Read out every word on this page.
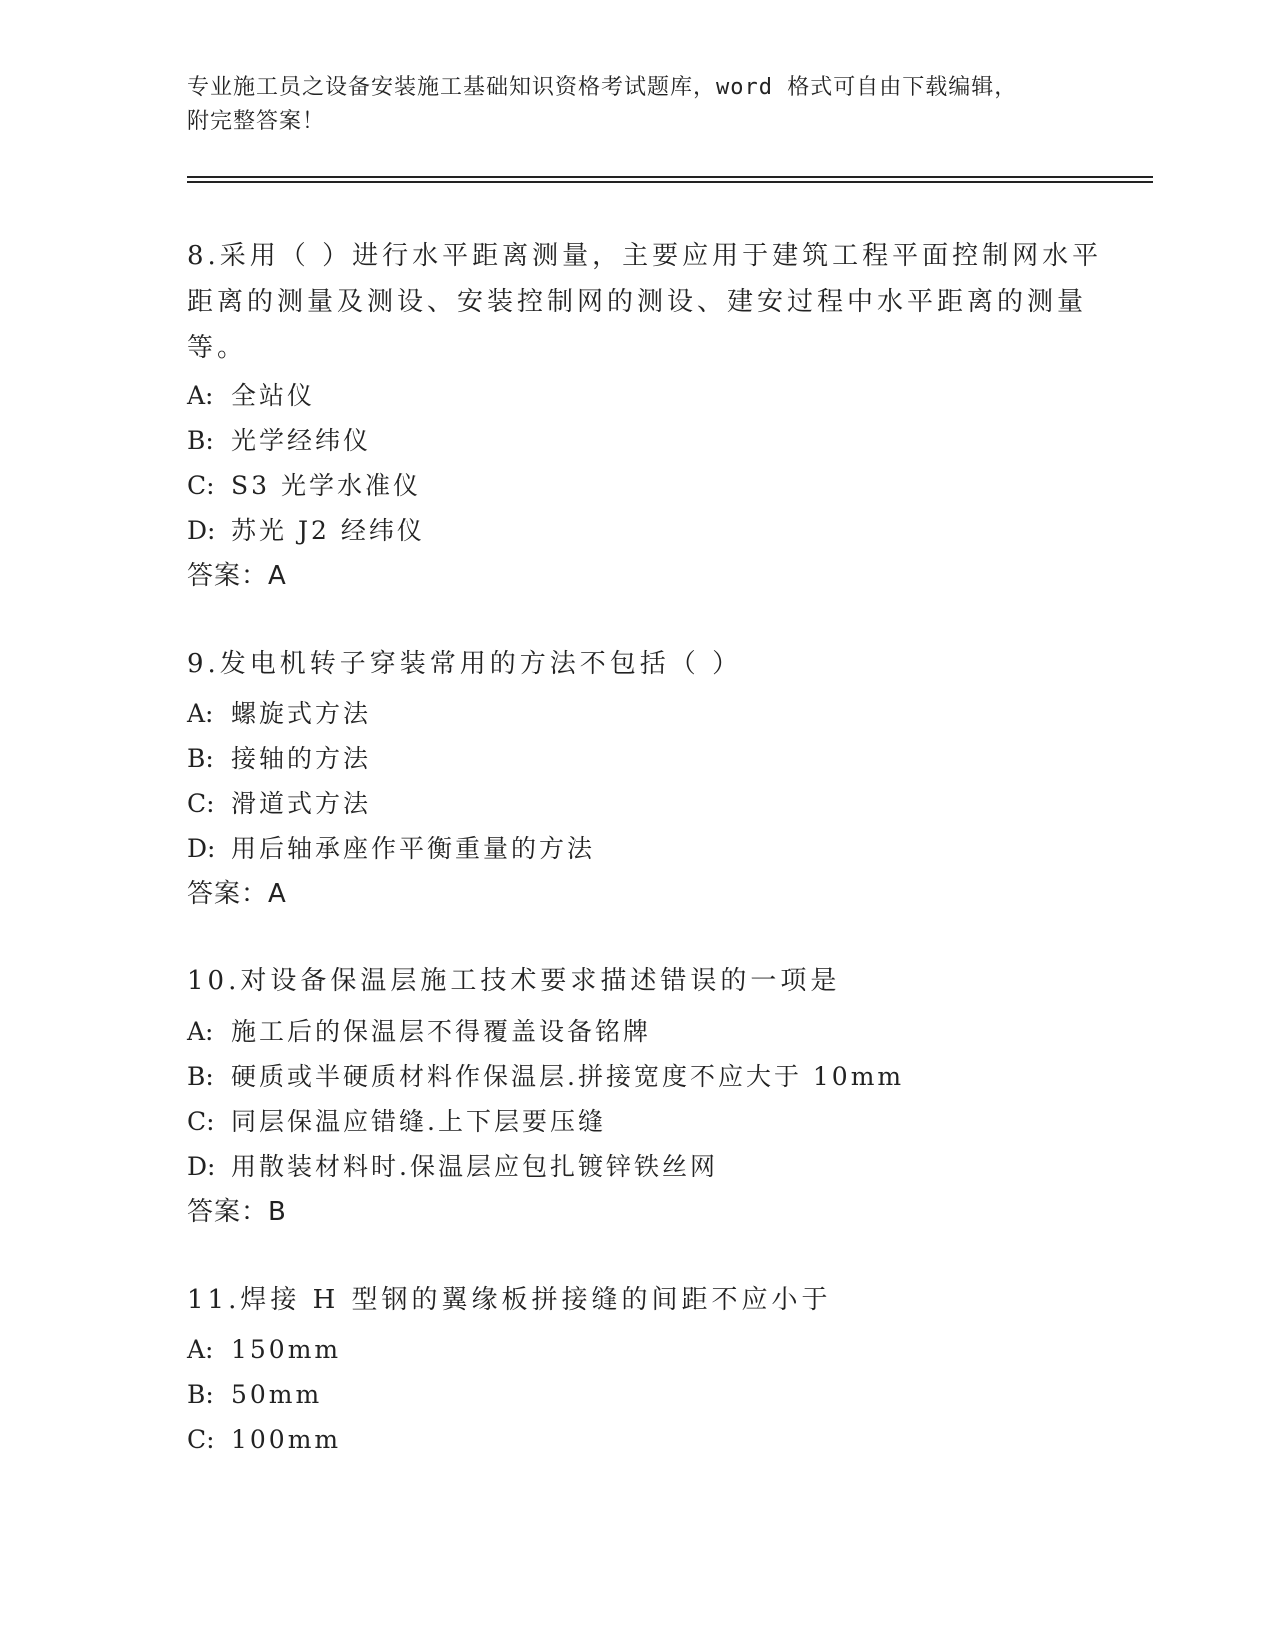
专业施工员之设备安装施工基础知识资格考试题库，word 格式可自由下载编辑，
附完整答案！
8.采用（ ）进行水平距离测量，主要应用于建筑工程平面控制网水平
距离的测量及测设、安装控制网的测设、建安过程中水平距离的测量
等。
A: 全站仪
B: 光学经纬仪
C: S3 光学水准仪
D: 苏光 J2 经纬仪
答案：A
9.发电机转子穿装常用的方法不包括（ ）
A: 螺旋式方法
B: 接轴的方法
C: 滑道式方法
D: 用后轴承座作平衡重量的方法
答案：A
10.对设备保温层施工技术要求描述错误的一项是
A: 施工后的保温层不得覆盖设备铭牌
B: 硬质或半硬质材料作保温层.拼接宽度不应大于 10mm
C: 同层保温应错缝.上下层要压缝
D: 用散装材料时.保温层应包扎镀锌铁丝网
答案：B
11.焊接 H 型钢的翼缘板拼接缝的间距不应小于
A: 150mm
B: 50mm
C: 100mm
